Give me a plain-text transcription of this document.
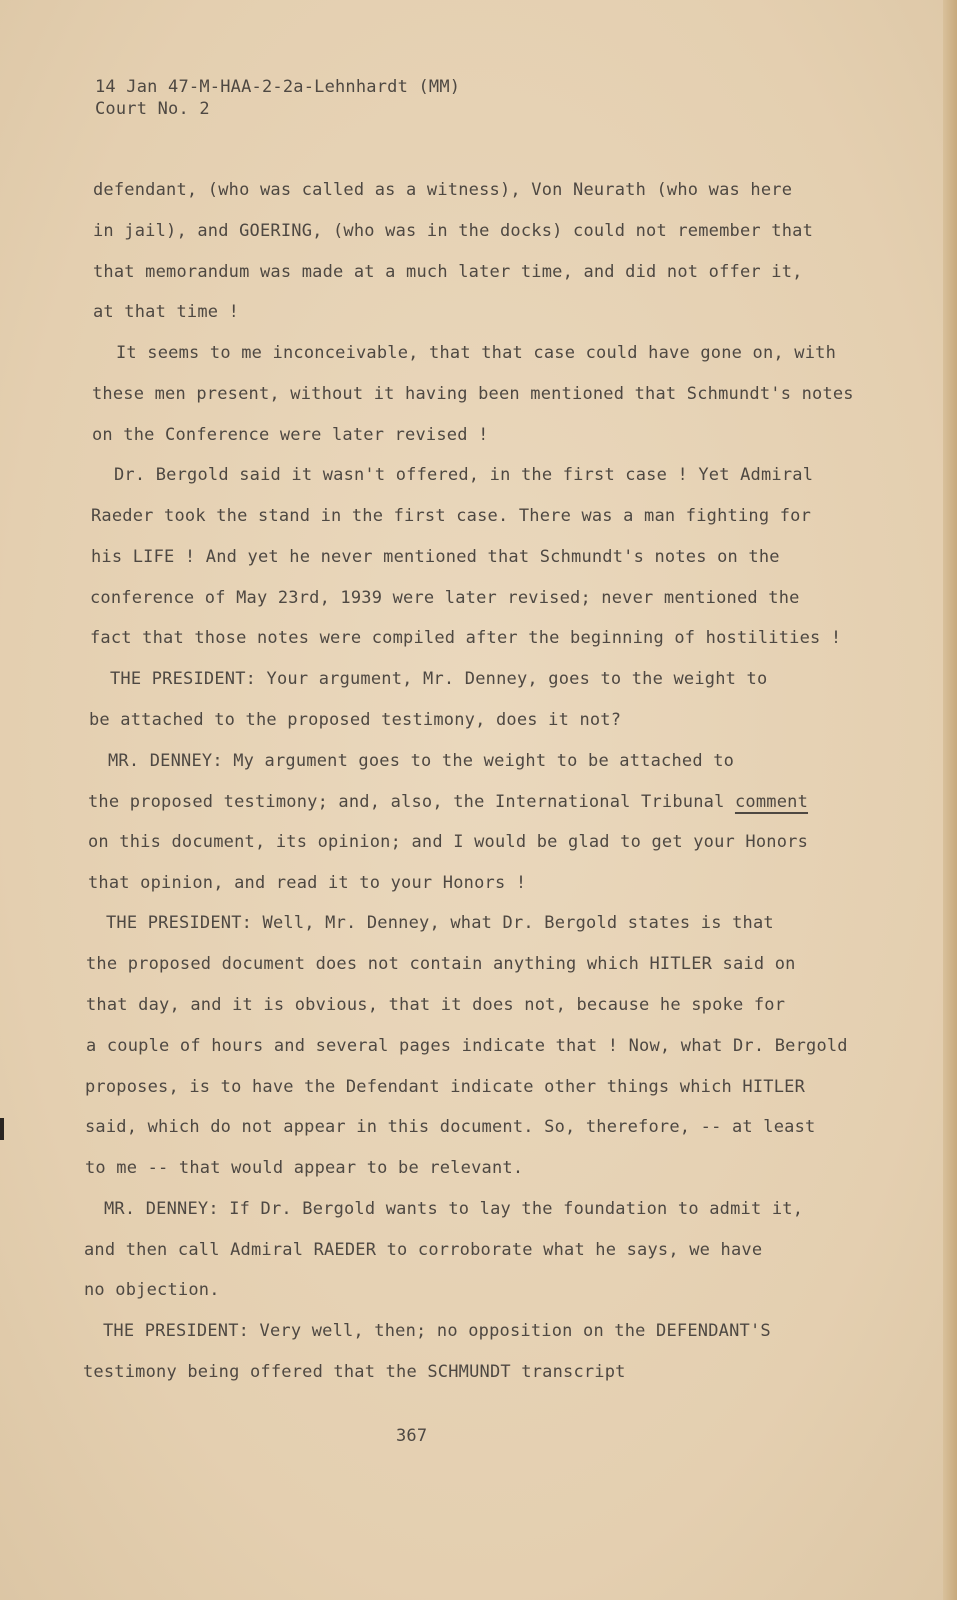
14 Jan 47-M-HAA-2-2a-Lehnhardt (MM)
Court No. 2
defendant, (who was called as a witness), Von Neurath (who was here
in jail), and GOERING, (who was in the docks) could not remember that
that memorandum was made at a much later time, and did not offer it,
at that time !
It seems to me inconceivable, that that case could have gone on, with
these men present, without it having been mentioned that Schmundt's notes
on the Conference were later revised !
Dr. Bergold said it wasn't offered, in the first case ! Yet Admiral
Raeder took the stand in the first case. There was a man fighting for
his LIFE ! And yet he never mentioned that Schmundt's notes on the
conference of May 23rd, 1939 were later revised; never mentioned the
fact that those notes were compiled after the beginning of hostilities !
THE PRESIDENT: Your argument, Mr. Denney, goes to the weight to
be attached to the proposed testimony, does it not?
MR. DENNEY: My argument goes to the weight to be attached to
the proposed testimony; and, also, the International Tribunal comment
on this document, its opinion; and I would be glad to get your Honors
that opinion, and read it to your Honors !
THE PRESIDENT: Well, Mr. Denney, what Dr. Bergold states is that
the proposed document does not contain anything which HITLER said on
that day, and it is obvious, that it does not, because he spoke for
a couple of hours and several pages indicate that ! Now, what Dr. Bergold
proposes, is to have the Defendant indicate other things which HITLER
said, which do not appear in this document. So, therefore, -- at least
to me -- that would appear to be relevant.
MR. DENNEY: If Dr. Bergold wants to lay the foundation to admit it,
and then call Admiral RAEDER to corroborate what he says, we have
no objection.
THE PRESIDENT: Very well, then; no opposition on the DEFENDANT'S
testimony being offered that the SCHMUNDT transcript
367
